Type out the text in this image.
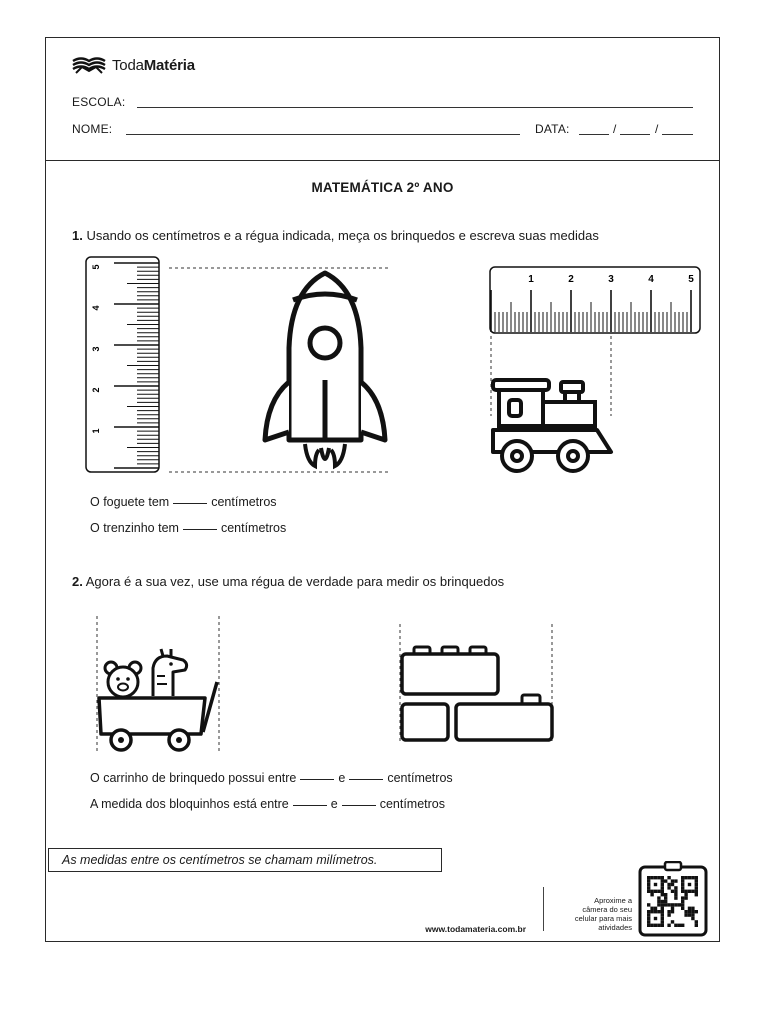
TodaMatéria
ESCOLA:
NOME:	DATA:	/	/
MATEMÁTICA 2º ANO
1. Usando os centímetros e a régua indicada, meça os brinquedos e escreva suas medidas
1
2
3
4
5
1	2	3	4	5
O foguete tem	centímetros
O trenzinho tem	centímetros
2. Agora é a sua vez, use uma régua de verdade para medir os brinquedos
O carrinho de brinquedo possui entre	e	centímetros
A medida dos bloquinhos está entre	e	centímetros
As medidas entre os centímetros se chamam milímetros.
www.todamateria.com.br
Aproxime a
câmera do seu
celular para mais
atividades
